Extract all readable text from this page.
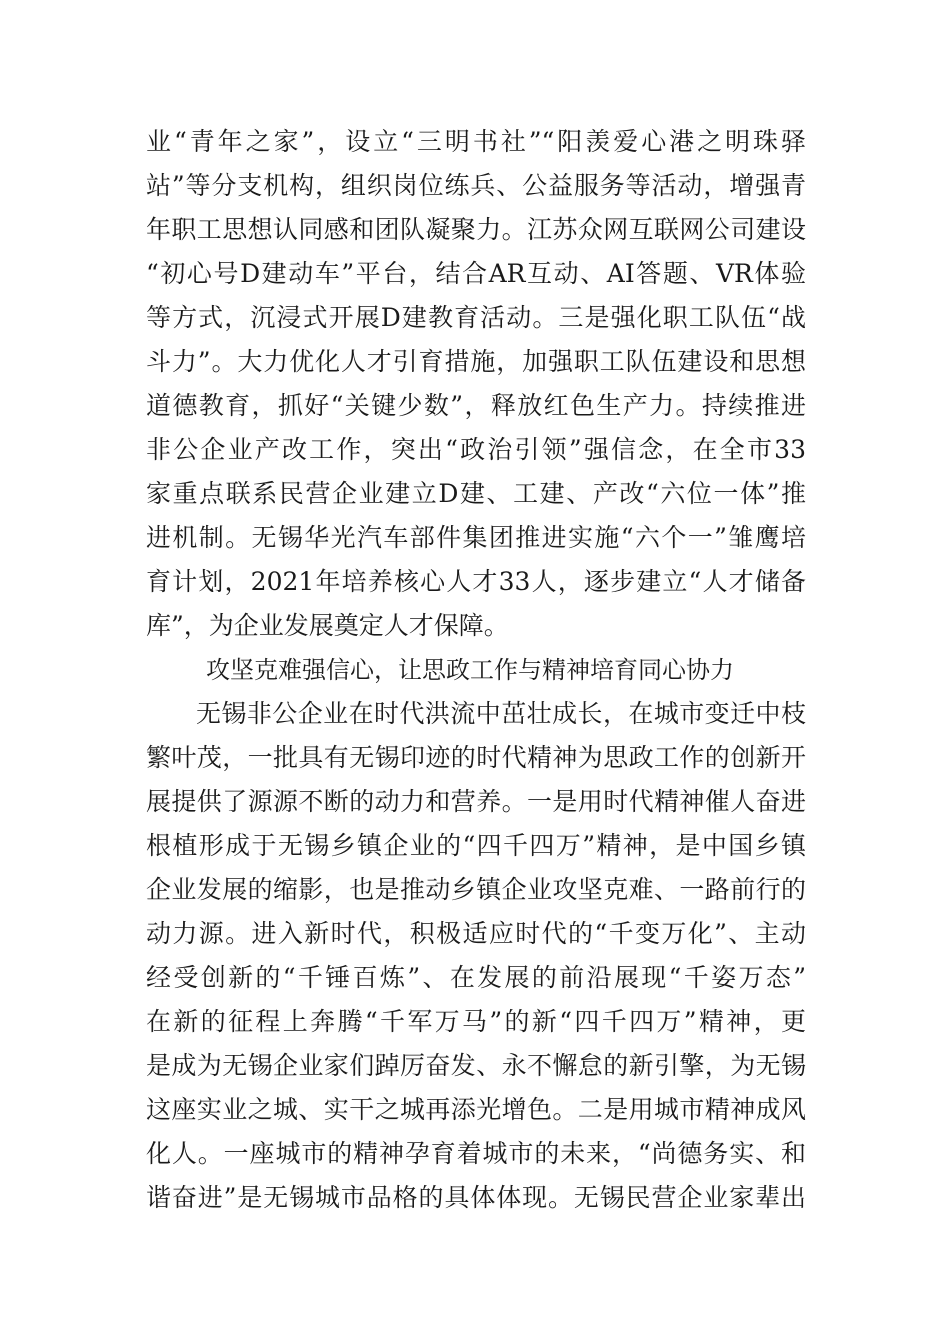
业“青年之家”，设立“三明书社”“阳羡爱心港之明珠驿
站”等分支机构，组织岗位练兵、公益服务等活动，增强青
年职工思想认同感和团队凝聚力。江苏众网互联网公司建设
“初心号D建动车”平台，结合AR互动、AI答题、VR体验
等方式，沉浸式开展D建教育活动。三是强化职工队伍“战
斗力”。大力优化人才引育措施，加强职工队伍建设和思想
道德教育，抓好“关键少数”，释放红色生产力。持续推进
非公企业产改工作，突出“政治引领”强信念，在全市33
家重点联系民营企业建立D建、工建、产改“六位一体”推
进机制。无锡华光汽车部件集团推进实施“六个一”雏鹰培
育计划，2021年培养核心人才33人，逐步建立“人才储备
库”，为企业发展奠定人才保障。
攻坚克难强信心，让思政工作与精神培育同心协力
无锡非公企业在时代洪流中茁壮成长，在城市变迁中枝
繁叶茂，一批具有无锡印迹的时代精神为思政工作的创新开
展提供了源源不断的动力和营养。一是用时代精神催人奋进
根植形成于无锡乡镇企业的“四千四万”精神，是中国乡镇
企业发展的缩影，也是推动乡镇企业攻坚克难、一路前行的
动力源。进入新时代，积极适应时代的“千变万化”、主动
经受创新的“千锤百炼”、在发展的前沿展现“千姿万态”
在新的征程上奔腾“千军万马”的新“四千四万”精神，更
是成为无锡企业家们踔厉奋发、永不懈怠的新引擎，为无锡
这座实业之城、实干之城再添光增色。二是用城市精神成风
化人。一座城市的精神孕育着城市的未来，“尚德务实、和
谐奋进”是无锡城市品格的具体体现。无锡民营企业家辈出
